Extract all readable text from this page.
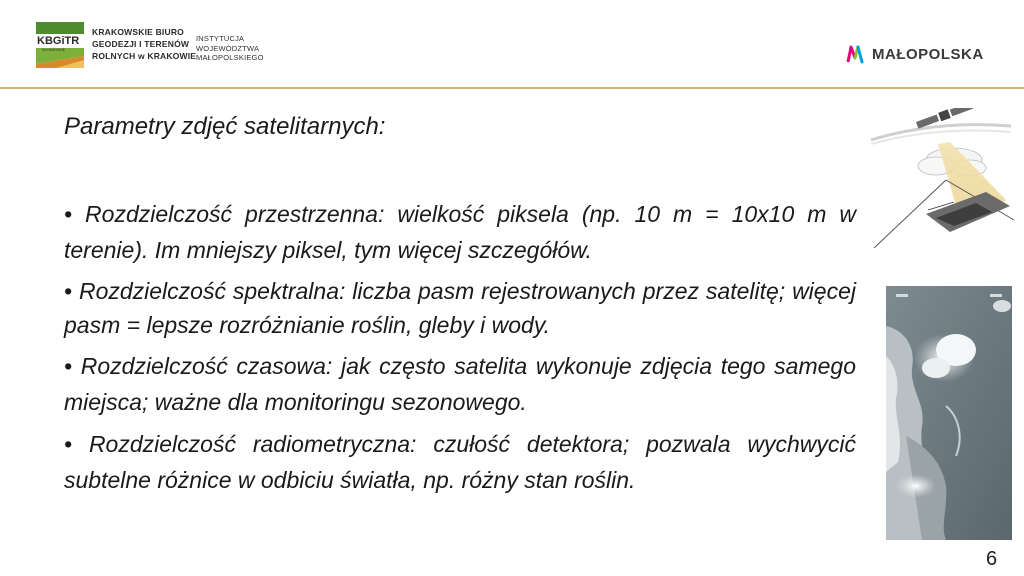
KBGiTR
W KRAKOWIE
KRAKOWSKIE BIURO
GEODEZJI I TERENÓW
ROLNYCH w KRAKOWIE
INSTYTUCJA
WOJEWÓDZTWA
MAŁOPOLSKIEGO	MAŁOPOLSKA
Parametry zdjęć satelitarnych:
• Rozdzielczość przestrzenna: wielkość piksela (np. 10 m = 10x10 m w terenie). Im mniejszy piksel, tym więcej szczegółów.
• Rozdzielczość spektralna: liczba pasm rejestrowanych przez satelitę; więcej pasm = lepsze rozróżnianie roślin, gleby i wody.
• Rozdzielczość czasowa: jak często satelita wykonuje zdjęcia tego samego miejsca; ważne dla monitoringu sezonowego.
• Rozdzielczość radiometryczna: czułość detektora; pozwala wychwycić subtelne różnice w odbiciu światła, np. różny stan roślin.
6
